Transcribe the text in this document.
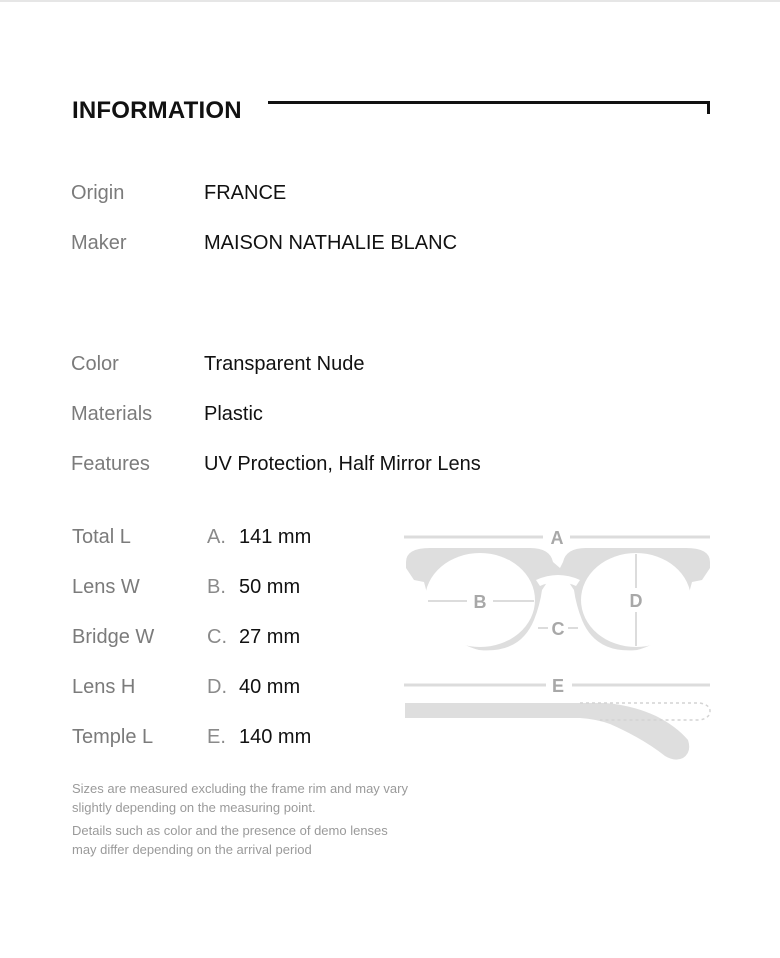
INFORMATION
Origin	FRANCE
Maker	MAISON NATHALIE BLANC
Color	Transparent Nude
Materials	Plastic
Features	UV Protection, Half Mirror Lens
Total L	A. 141 mm
Lens W	B. 50 mm
Bridge W	C. 27 mm
Lens H	D. 40 mm
Temple L	E. 140 mm
A
B
C
D
E
Sizes are measured excluding the frame rim and may vary slightly depending on the measuring point.
Details such as color and the presence of demo lenses may differ depending on the arrival period
